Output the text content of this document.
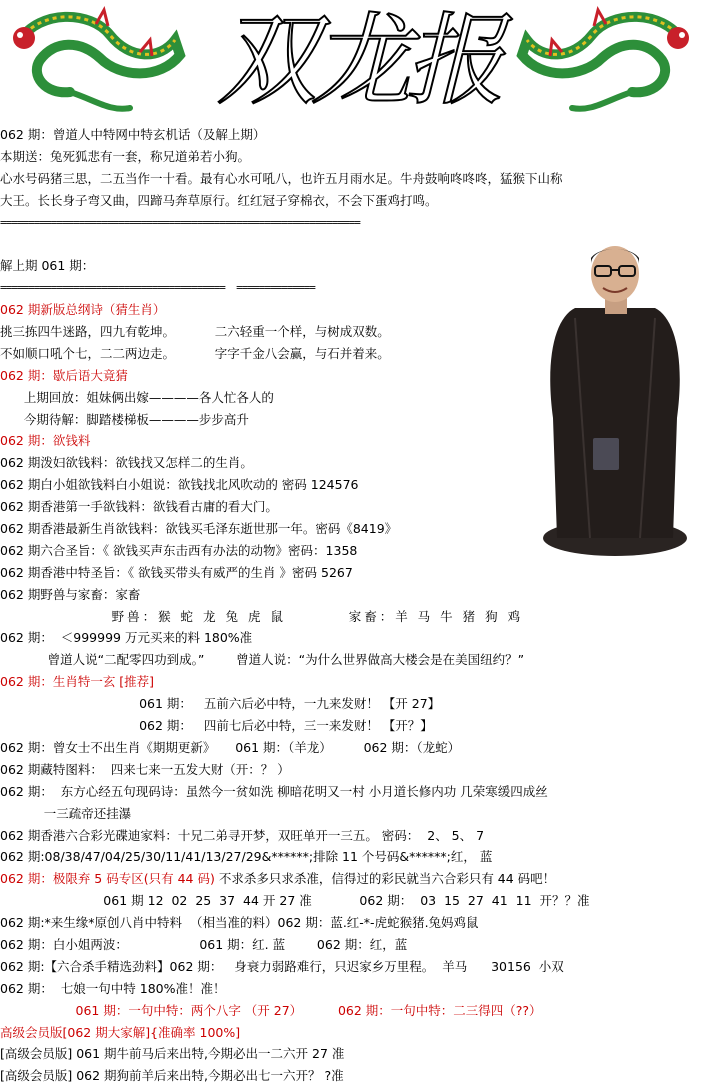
双龙报
062 期：曾道人中特网中特玄机话（及解上期）
本期送：兔死狐悲有一套，称兄道弟若小狗。
心水号码猪三思，二五当作一十看。最有心水可吼八，也许五月雨水足。牛舟鼓响咚咚咚，猛猴下山称
大王。长长身子弯又曲，四蹄马奔草原行。红红冠子穿棉衣，不会下蛋鸡打鸣。
================================================================
解上期 061 期：
========================================  ==============
062 期新版总纲诗（猜生肖）
挑三拣四牛迷路，四九有乾坤。          二六轻重一个样，与树成双数。
不如顺口吼个七，二二两边走。          字字千金八会赢，与石并着来。
062 期：歇后语大竟猜
上期回放：姐妹俩出嫁————各人忙各人的
今期待解：脚踏楼梯板————步步高升
062 期：欲钱料
062 期泼妇欲钱料：欲钱找又怎样二的生肖。
062 期白小姐欲钱料白小姐说：欲钱找北风吹动的 密码 124576
062 期香港第一手欲钱料：欲钱看古庸的看大门。
062 期香港最新生肖欲钱料：欲钱买毛泽东逝世那一年。密码《8419》
062 期六合圣旨：《 欲钱买声东击西有办法的动物》密码：1358
062 期香港中特圣旨：《 欲钱买带头有威严的生肖 》密码 5267
062 期野兽与家畜：家畜
野兽：猴 蛇 龙 兔 虎 鼠         家畜：羊 马 牛 猪 狗 鸡
062 期：  ＜999999 万元买来的料 180%准
曾道人说“二配零四功到成。”        曾道人说：“为什么世界做高大楼会是在美国纽约？”
062 期：生肖特一玄 [推荐]
061 期：   五前六后必中特，一九来发财！ 【开 27】
062 期：   四前七后必中特，三一来发财！ 【开？】
062 期：曾女士不出生肖《期期更新》     061 期：（羊龙）        062 期：（龙蛇）
062 期藏特图料：  四来七来一五发大财（开：？ ）
062 期：  东方心经五句现码诗：虽然今一贫如洗 柳暗花明又一村 小月道长修内功 几荣寒缓四成丝
一三疏帝还挂瀑
062 期香港六合彩光碟迪家料：十兄二弟寻开梦，双旺单开一三五。 密码：  2、 5、 7
062 期:08/38/47/04/25/30/11/41/13/27/29&******;排除 11 个号码&******;红， 蓝
062 期：极限弃 5 码专区(只有 44 码) 不求杀多只求杀准，信得过的彩民就当六合彩只有 44 码吧！
061 期 12  02  25  37  44 开 27 准            062 期：  03  15  27  41  11  开？？准
062 期:*来生缘*原创八肖中特料  （相当准的料）062 期：蓝.红-*-虎蛇猴猪.兔妈鸡鼠
062 期：白小姐两波：                  061 期：红. 蓝        062 期：红，蓝
062 期:【六合杀手精选劲料】062 期：   身衰力弱路难行，只迟家乡万里程。  羊马      30156  小双
062 期：  七娘一句中特 180%准！准！
061 期：一句中特：两个八字 （开 27）         062 期：一句中特：二三得四（??）
高级会员版[062 期大家解]{准确率 100%]
[高级会员版] 061 期牛前马后来出特,今期必出一二六开 27 准
[高级会员版] 062 期狗前羊后来出特,今期必出七一六开？ ?准
